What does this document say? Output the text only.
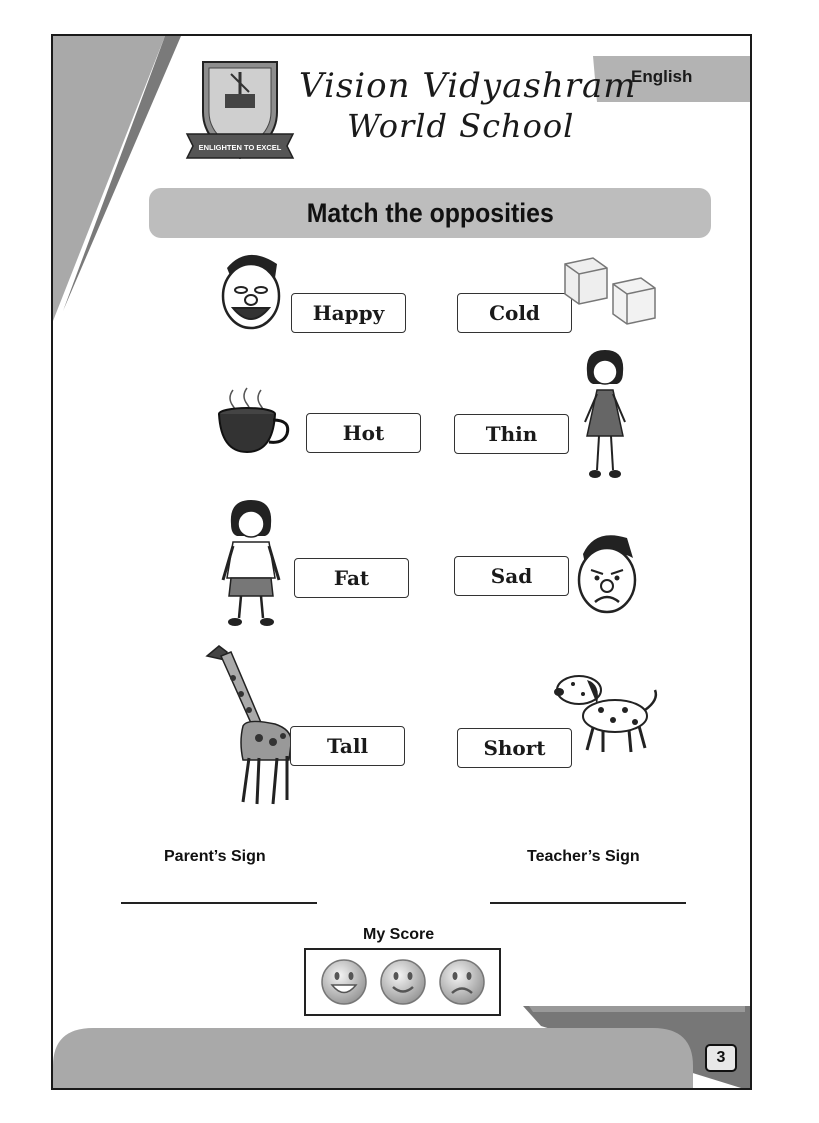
English
ENLIGHTEN TO EXCEL
Vision Vidyashram
World School
Match the opposities
Happy	Cold
Hot	Thin
Fat	Sad
Tall	Short
Parent’s Sign	Teacher’s Sign
My Score
3
